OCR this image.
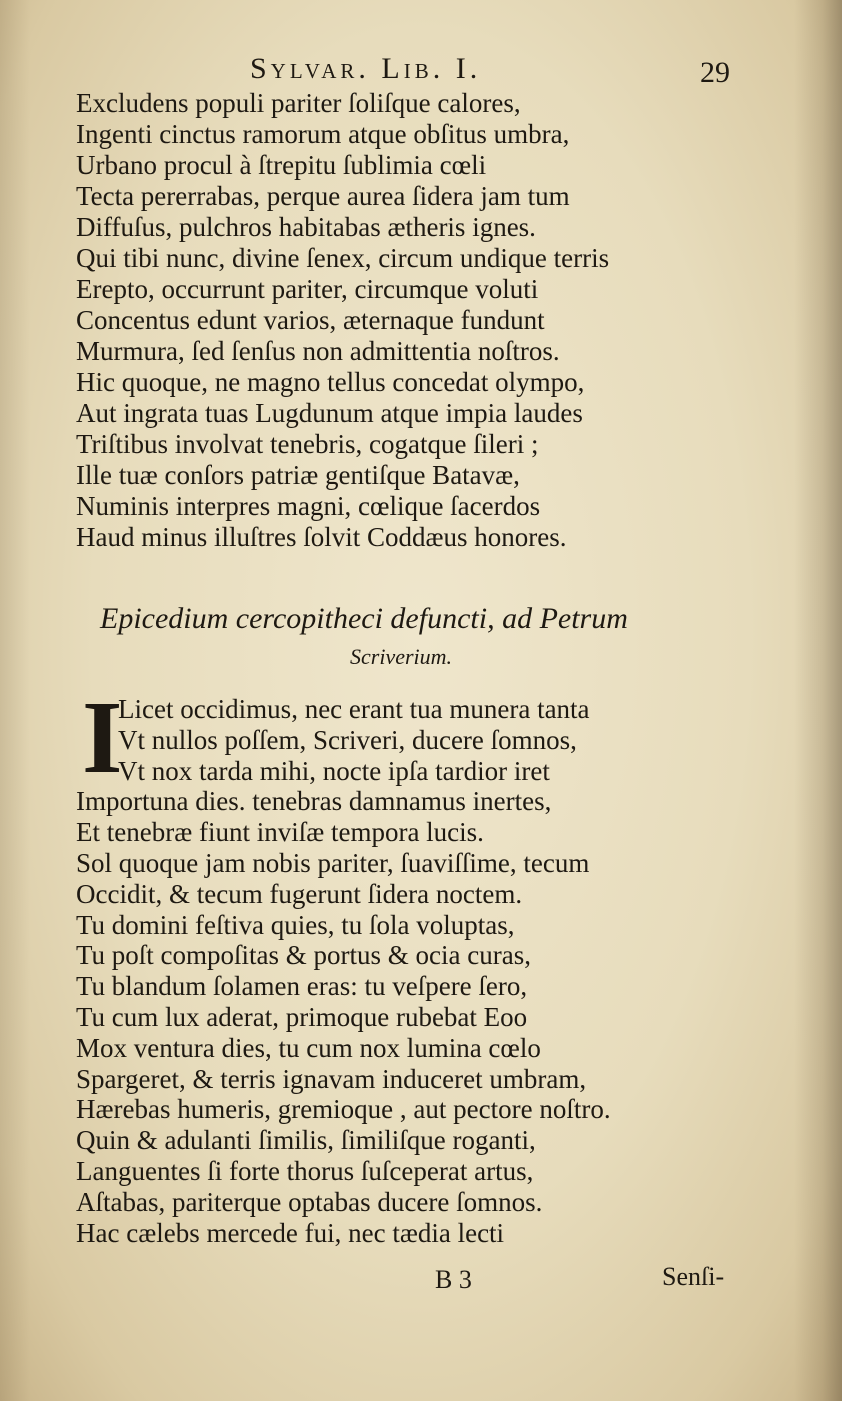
Sylvar. Lib. I.	29
Excludens populi pariter ſoliſque calores,
Ingenti cinctus ramorum atque obſitus umbra,
Urbano procul à ſtrepitu ſublimia cœli
Tecta pererrabas, perque aurea ſidera jam tum
Diffuſus, pulchros habitabas ætheris ignes.
Qui tibi nunc, divine ſenex, circum undique terris
Erepto, occurrunt pariter, circumque voluti
Concentus edunt varios, æternaque fundunt
Murmura, ſed ſenſus non admittentia noſtros.
Hic quoque, ne magno tellus concedat olympo,
Aut ingrata tuas Lugdunum atque impia laudes
Triſtibus involvat tenebris, cogatque ſileri ;
Ille tuæ conſors patriæ gentiſque Batavæ,
Numinis interpres magni, cœlique ſacerdos
Haud minus illuſtres ſolvit Coddæus honores.
Epicedium cercopitheci defuncti, ad Petrum
Scriverium.
I
Licet occidimus, nec erant tua munera tanta
Vt nullos poſſem, Scriveri, ducere ſomnos,
Vt nox tarda mihi, nocte ipſa tardior iret
Importuna dies. tenebras damnamus inertes,
Et tenebræ fiunt inviſæ tempora lucis.
Sol quoque jam nobis pariter, ſuaviſſime, tecum
Occidit, & tecum fugerunt ſidera noctem.
Tu domini feſtiva quies, tu ſola voluptas,
Tu poſt compoſitas & portus & ocia curas,
Tu blandum ſolamen eras: tu veſpere ſero,
Tu cum lux aderat, primoque rubebat Eoo
Mox ventura dies, tu cum nox lumina cœlo
Spargeret, & terris ignavam induceret umbram,
Hærebas humeris, gremioque , aut pectore noſtro.
Quin & adulanti ſimilis, ſimiliſque roganti,
Languentes ſi forte thorus ſuſceperat artus,
Aſtabas, pariterque optabas ducere ſomnos.
Hac cælebs mercede fui, nec tædia lecti
B 3	Senſi-
